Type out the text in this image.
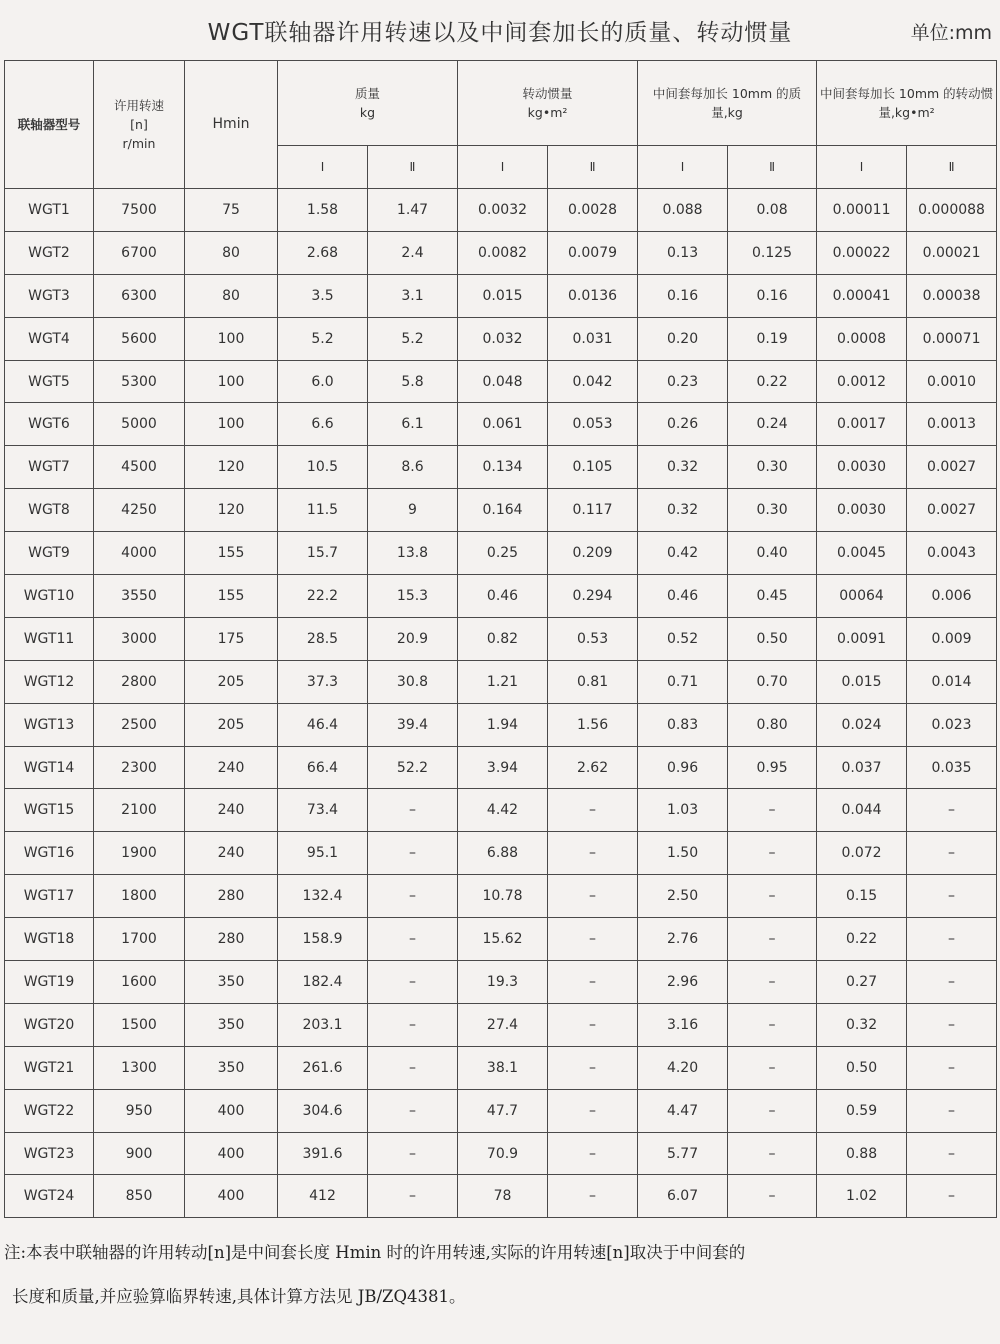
WGT联轴器许用转速以及中间套加长的质量、转动惯量	单位:mm
联轴器型号	许用转速
[n]
r/min	Hmin	质量
kg		转动惯量
kg•m²		中间套每加长 10mm 的质量,kg		中间套每加长 10mm 的转动惯量,kg•m²	
			Ⅰ	Ⅱ	Ⅰ	Ⅱ	Ⅰ	Ⅱ	Ⅰ	Ⅱ
WGT1	7500	75	1.58	1.47	0.0032	0.0028	0.088	0.08	0.00011	0.000088
WGT2	6700	80	2.68	2.4	0.0082	0.0079	0.13	0.125	0.00022	0.00021
WGT3	6300	80	3.5	3.1	0.015	0.0136	0.16	0.16	0.00041	0.00038
WGT4	5600	100	5.2	5.2	0.032	0.031	0.20	0.19	0.0008	0.00071
WGT5	5300	100	6.0	5.8	0.048	0.042	0.23	0.22	0.0012	0.0010
WGT6	5000	100	6.6	6.1	0.061	0.053	0.26	0.24	0.0017	0.0013
WGT7	4500	120	10.5	8.6	0.134	0.105	0.32	0.30	0.0030	0.0027
WGT8	4250	120	11.5	9	0.164	0.117	0.32	0.30	0.0030	0.0027
WGT9	4000	155	15.7	13.8	0.25	0.209	0.42	0.40	0.0045	0.0043
WGT10	3550	155	22.2	15.3	0.46	0.294	0.46	0.45	00064	0.006
WGT11	3000	175	28.5	20.9	0.82	0.53	0.52	0.50	0.0091	0.009
WGT12	2800	205	37.3	30.8	1.21	0.81	0.71	0.70	0.015	0.014
WGT13	2500	205	46.4	39.4	1.94	1.56	0.83	0.80	0.024	0.023
WGT14	2300	240	66.4	52.2	3.94	2.62	0.96	0.95	0.037	0.035
WGT15	2100	240	73.4	–	4.42	–	1.03	–	0.044	–
WGT16	1900	240	95.1	–	6.88	–	1.50	–	0.072	–
WGT17	1800	280	132.4	–	10.78	–	2.50	–	0.15	–
WGT18	1700	280	158.9	–	15.62	–	2.76	–	0.22	–
WGT19	1600	350	182.4	–	19.3	–	2.96	–	0.27	–
WGT20	1500	350	203.1	–	27.4	–	3.16	–	0.32	–
WGT21	1300	350	261.6	–	38.1	–	4.20	–	0.50	–
WGT22	950	400	304.6	–	47.7	–	4.47	–	0.59	–
WGT23	900	400	391.6	–	70.9	–	5.77	–	0.88	–
WGT24	850	400	412	–	78	–	6.07	–	1.02	–
注:本表中联轴器的许用转动[n]是中间套长度 Hmin 时的许用转速,实际的许用转速[n]取决于中间套的
长度和质量,并应验算临界转速,具体计算方法见 JB/ZQ4381。
